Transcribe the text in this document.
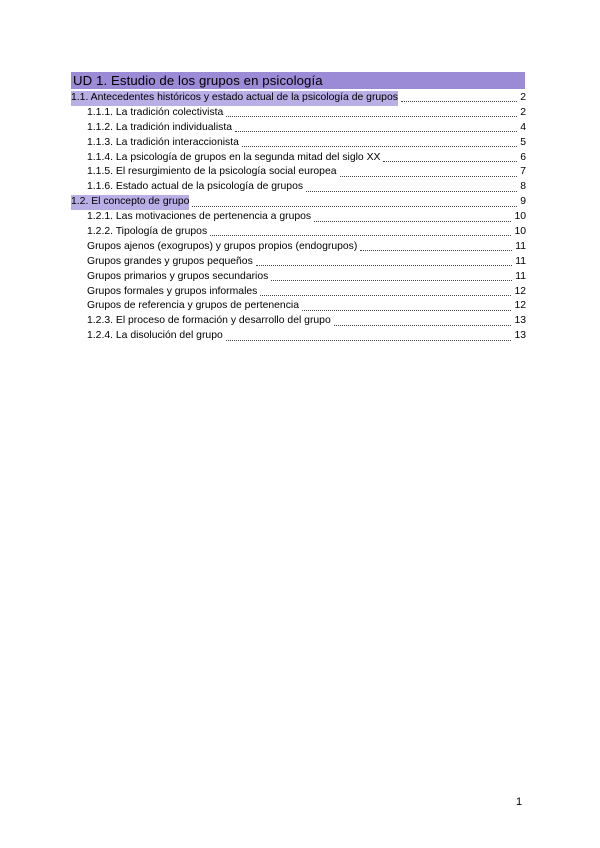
UD 1. Estudio de los grupos en psicología
1.1. Antecedentes históricos y estado actual de la psicología de grupos	2
1.1.1. La tradición colectivista	2
1.1.2. La tradición individualista	4
1.1.3. La tradición interaccionista	5
1.1.4. La psicología de grupos en la segunda mitad del siglo XX	6
1.1.5. El resurgimiento de la psicología social europea	7
1.1.6. Estado actual de la psicología de grupos	8
1.2. El concepto de grupo	9
1.2.1. Las motivaciones de pertenencia a grupos	10
1.2.2. Tipología de grupos	10
Grupos ajenos (exogrupos) y grupos propios (endogrupos)	11
Grupos grandes y grupos pequeños	11
Grupos primarios y grupos secundarios	11
Grupos formales y grupos informales	12
Grupos de referencia y grupos de pertenencia	12
1.2.3. El proceso de formación y desarrollo del grupo	13
1.2.4. La disolución del grupo	13
1
